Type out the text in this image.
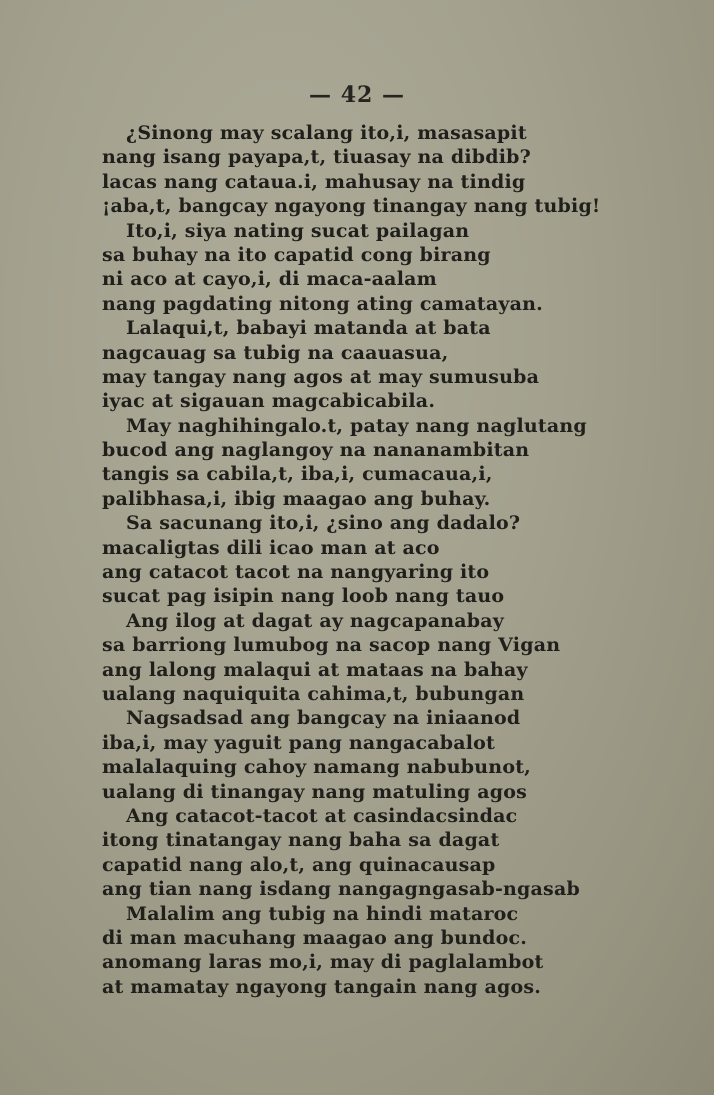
— 42 —
¿Sinong may scalang ito,i, masasapit
nang isang payapa,t, tiuasay na dibdib?
lacas nang cataua.i, mahusay na tindig
¡aba,t, bangcay ngayong tinangay nang tubig!
Ito,i, siya nating sucat pailagan
sa buhay na ito capatid cong birang
ni aco at cayo,i, di maca-aalam
nang pagdating nitong ating camatayan.
Lalaqui,t, babayi matanda at bata
nagcauag sa tubig na caauasua,
may tangay nang agos at may sumusuba
iyac at sigauan magcabicabila.
May naghihingalo.t, patay nang naglutang
bucod ang naglangoy na nananambitan
tangis sa cabila,t, iba,i, cumacaua,i,
palibhasa,i, ibig maagao ang buhay.
Sa sacunang ito,i, ¿sino ang dadalo?
macaligtas dili icao man at aco
ang catacot tacot na nangyaring ito
sucat pag isipin nang loob nang tauo
Ang ilog at dagat ay nagcapanabay
sa barriong lumubog na sacop nang Vigan
ang lalong malaqui at mataas na bahay
ualang naquiquita cahima,t, bubungan
Nagsadsad ang bangcay na iniaanod
iba,i, may yaguit pang nangacabalot
malalaquing cahoy namang nabubunot,
ualang di tinangay nang matuling agos
Ang catacot-tacot at casindacsindac
itong tinatangay nang baha sa dagat
capatid nang alo,t, ang quinacausap
ang tian nang isdang nangagngasab-ngasab
Malalim ang tubig na hindi mataroc
di man macuhang maagao ang bundoc.
anomang laras mo,i, may di paglalambot
at mamatay ngayong tangain nang agos.
